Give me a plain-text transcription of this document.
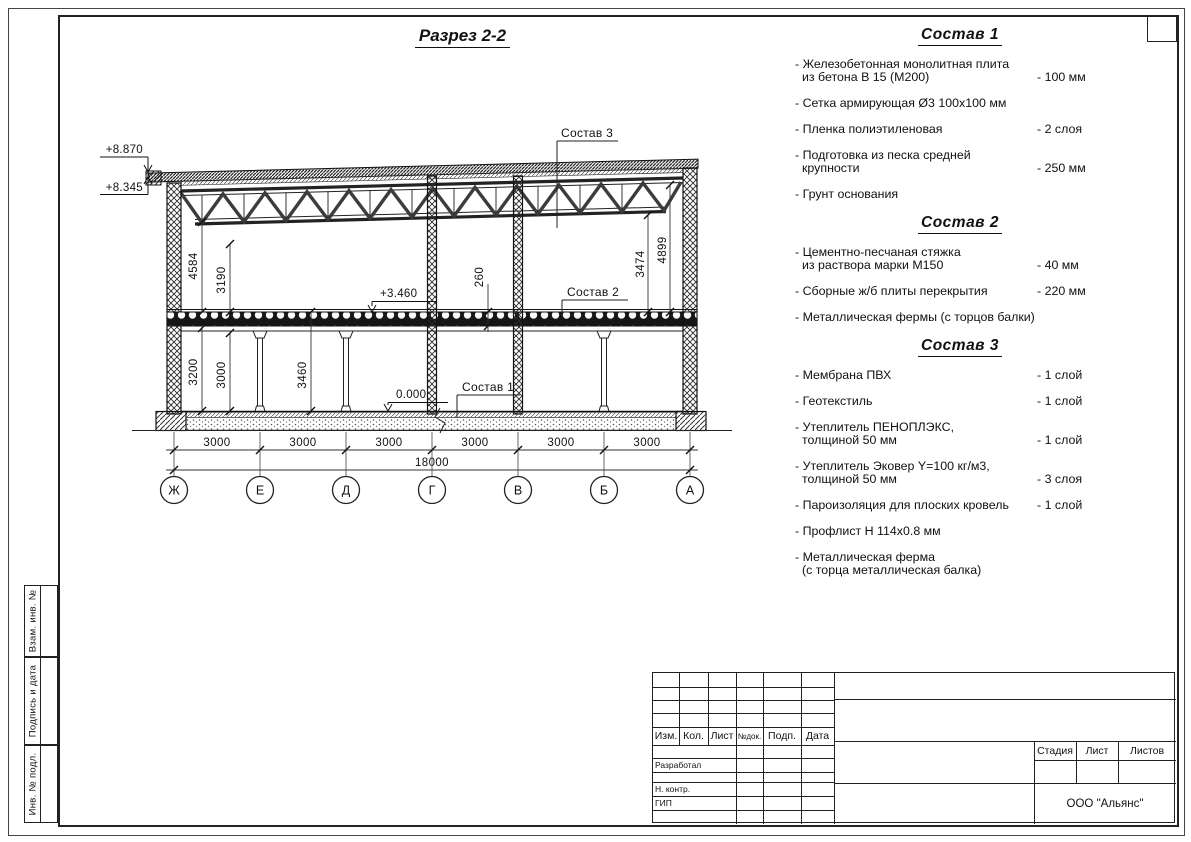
+8.870
+8.345
+3.460
0.000
Состав 3
Состав 2
Состав 1
4584
3190
3200 3000	3460
260	3474
4899
18000
3000	3000	3000	3000	3000	3000
Ж	Е	Д	Г	В	Б	А
Разрез 2-2	Состав 1
- Железобетонная монолитная плита
из бетона В 15 (М200)	- 100 мм
- Сетка армирующая Ø3 100х100 мм
- Пленка полиэтиленовая	- 2 слоя
- Подготовка из песка средней
крупности	- 250 мм
- Грунт основания
Состав 2
- Цементно-песчаная стяжка
из раствора марки М150	- 40 мм
- Сборные ж/б плиты перекрытия	- 220 мм
- Металлическая фермы (с торцов балки)
Состав 3
- Мембрана ПВХ	- 1 слой
- Геотекстиль	- 1 слой
- Утеплитель ПЕНОПЛЭКС,
толщиной 50 мм	- 1 слой
- Утеплитель Эковер Y=100 кг/м3,
толщиной 50 мм	- 3 слоя
- Пароизоляция для плоских кровель	- 1 слой
- Профлист Н 114х0.8 мм
- Металлическая ферма
(с торца металлическая балка)
Взам. инв. №
Подпись и дата
Инв. № подл.
Изм. Кол. Лист №док. Подп. Дата
Разработал
Н. контр.
ГИП
Стадия	Лист	Листов
ООО "Альянс"
